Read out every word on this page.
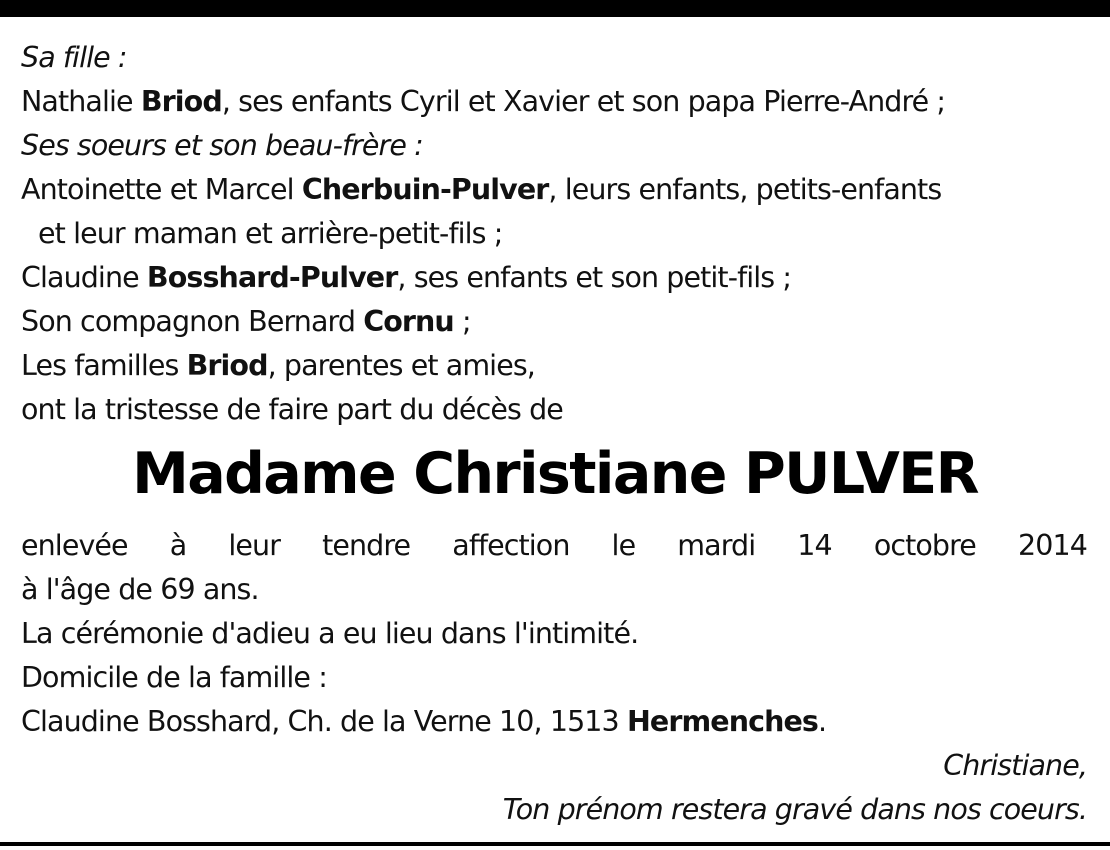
Sa fille :
Nathalie Briod, ses enfants Cyril et Xavier et son papa Pierre-André ;
Ses soeurs et son beau-frère :
Antoinette et Marcel Cherbuin-Pulver, leurs enfants, petits-enfants
et leur maman et arrière-petit-fils ;
Claudine Bosshard-Pulver, ses enfants et son petit-fils ;
Son compagnon Bernard Cornu ;
Les familles Briod, parentes et amies,
ont la tristesse de faire part du décès de
Madame Christiane PULVER
enlevée à leur tendre affection le mardi 14 octobre 2014
à l'âge de 69 ans.
La cérémonie d'adieu a eu lieu dans l'intimité.
Domicile de la famille :
Claudine Bosshard, Ch. de la Verne 10, 1513 Hermenches.
Christiane,
Ton prénom restera gravé dans nos coeurs.
